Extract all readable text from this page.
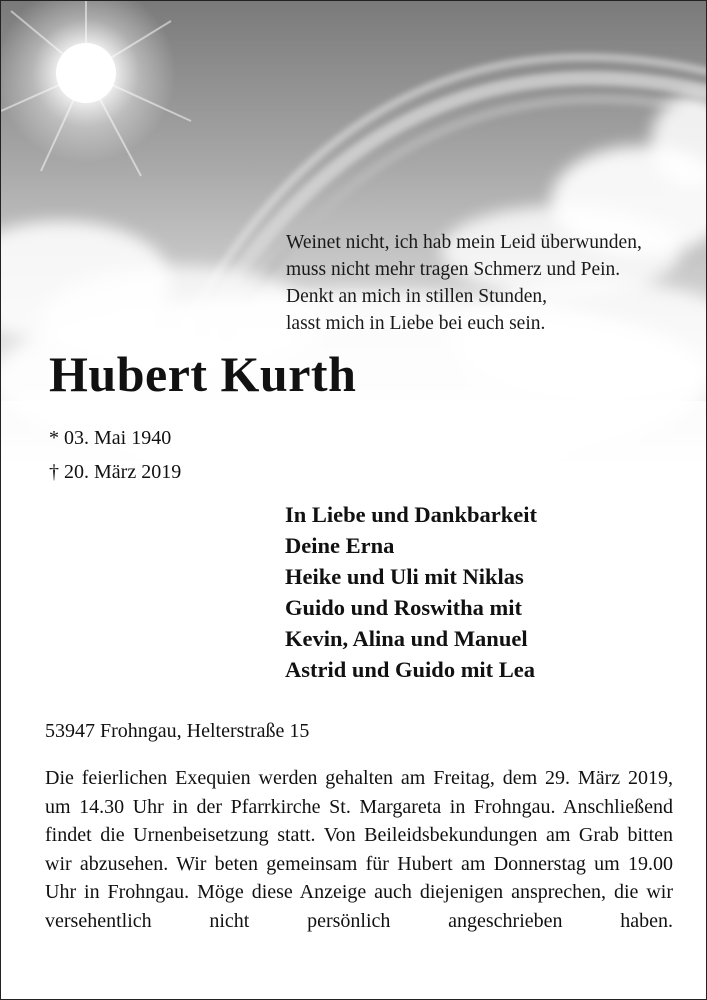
Weinet nicht, ich hab mein Leid überwunden,
muss nicht mehr tragen Schmerz und Pein.
Denkt an mich in stillen Stunden,
lasst mich in Liebe bei euch sein.
Hubert Kurth
* 03. Mai 1940
† 20. März 2019
In Liebe und Dankbarkeit
Deine Erna
Heike und Uli mit Niklas
Guido und Roswitha mit
Kevin, Alina und Manuel
Astrid und Guido mit Lea
53947 Frohngau, Helterstraße 15
Die feierlichen Exequien werden gehalten am Freitag, dem 29. März 2019, um 14.30 Uhr in der Pfarrkirche St. Margareta in Frohngau. Anschließend findet die Urnenbeisetzung statt. Von Beileidsbekundungen am Grab bitten wir abzusehen. Wir beten gemeinsam für Hubert am Donnerstag um 19.00 Uhr in Frohngau. Möge diese Anzeige auch diejenigen ansprechen, die wir versehentlich nicht persönlich angeschrieben haben.
